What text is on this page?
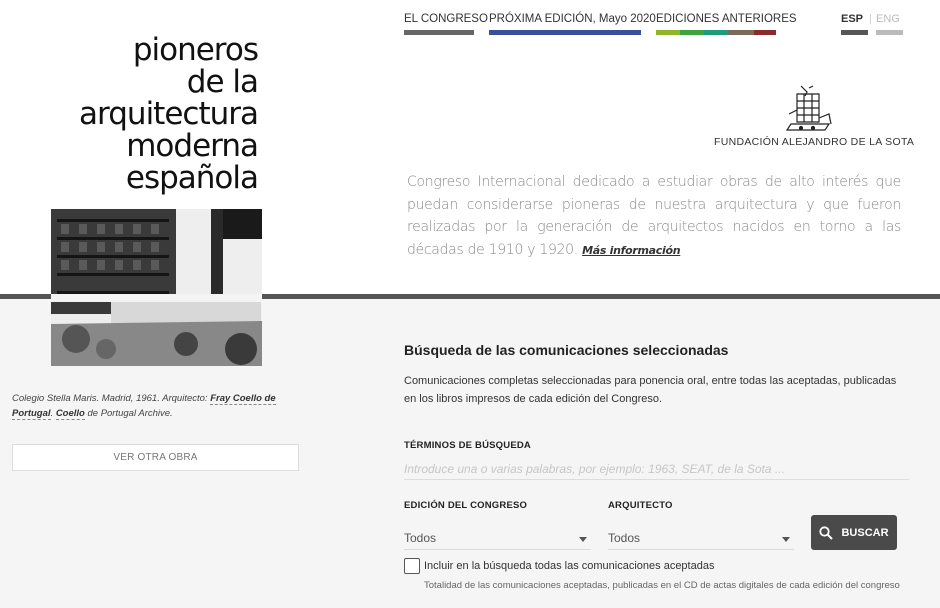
pioneros
de la
arquitectura
moderna
española
Colegio Stella Maris. Madrid, 1961. Arquitecto: Fray Coello de Portugal. Coello de Portugal Archive.
VER OTRA OBRA
EL CONGRESO PRÓXIMA EDICIÓN, Mayo 2020 EDICIONES ANTERIORES	ESP | ENG
FUNDACIÓN ALEJANDRO DE LA SOTA
Congreso Internacional dedicado a estudiar obras de alto interés que puedan considerarse pioneras de nuestra arquitectura y que fueron realizadas por la generación de arquitectos nacidos en torno a las décadas de 1910 y 1920. Más información
Búsqueda de las comunicaciones seleccionadas
Comunicaciones completas seleccionadas para ponencia oral, entre todas las aceptadas, publicadas en los libros impresos de cada edición del Congreso.
TÉRMINOS DE BÚSQUEDA
Introduce una o varias palabras, por ejemplo: 1963, SEAT, de la Sota ...
EDICIÓN DEL CONGRESO
Todos
ARQUITECTO
Todos	BUSCAR
Incluir en la búsqueda todas las comunicaciones aceptadas
Totalidad de las comunicaciones aceptadas, publicadas en el CD de actas digitales de cada edición del congreso
